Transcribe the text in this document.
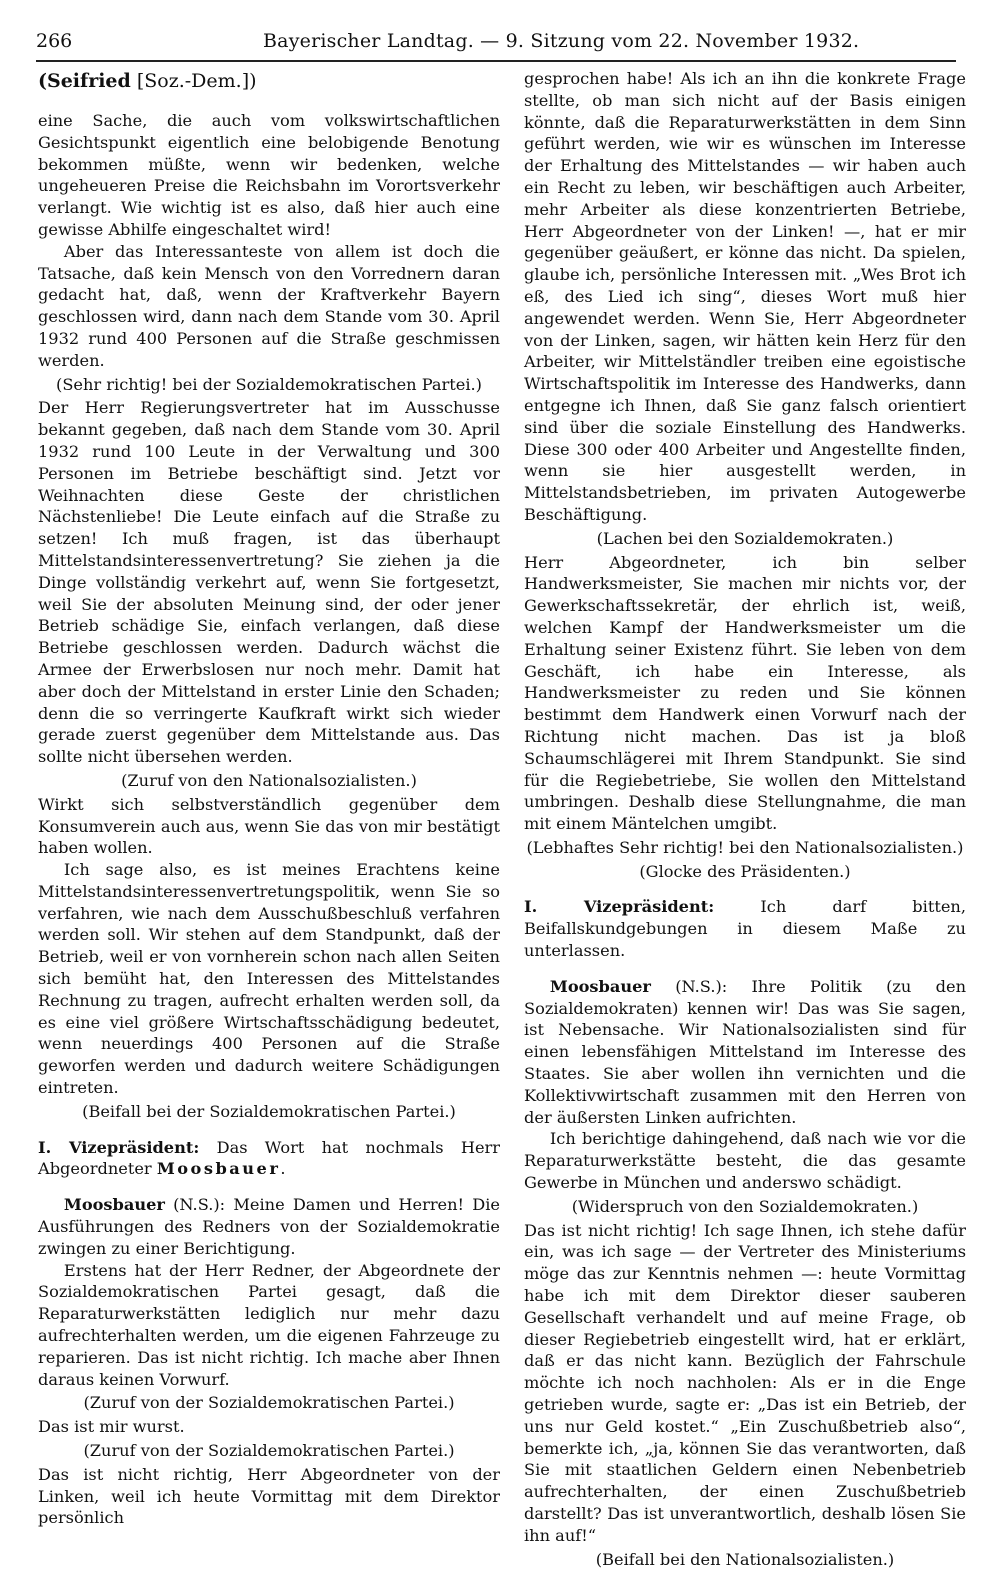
266	Bayerischer Landtag. — 9. Sitzung vom 22. November 1932.

(Seifried [Soz.-Dem.])

eine Sache, die auch vom volkswirtschaftlichen Gesichtspunkt eigentlich eine belobigende Benotung bekommen müßte, wenn wir bedenken, welche ungeheueren Preise die Reichsbahn im Vorortsverkehr verlangt. Wie wichtig ist es also, daß hier auch eine gewisse Abhilfe eingeschaltet wird!

Aber das Interessanteste von allem ist doch die Tatsache, daß kein Mensch von den Vorrednern daran gedacht hat, daß, wenn der Kraftverkehr Bayern geschlossen wird, dann nach dem Stande vom 30. April 1932 rund 400 Personen auf die Straße geschmissen werden.

(Sehr richtig! bei der Sozialdemokratischen Partei.)

Der Herr Regierungsvertreter hat im Ausschusse bekannt gegeben, daß nach dem Stande vom 30. April 1932 rund 100 Leute in der Verwaltung und 300 Personen im Betriebe beschäftigt sind. Jetzt vor Weihnachten diese Geste der christlichen Nächstenliebe! Die Leute einfach auf die Straße zu setzen! Ich muß fragen, ist das überhaupt Mittelstandsinteressenvertretung? Sie ziehen ja die Dinge vollständig verkehrt auf, wenn Sie fortgesetzt, weil Sie der absoluten Meinung sind, der oder jener Betrieb schädige Sie, einfach verlangen, daß diese Betriebe geschlossen werden. Dadurch wächst die Armee der Erwerbslosen nur noch mehr. Damit hat aber doch der Mittelstand in erster Linie den Schaden; denn die so verringerte Kaufkraft wirkt sich wieder gerade zuerst gegenüber dem Mittelstande aus. Das sollte nicht übersehen werden.

(Zuruf von den Nationalsozialisten.)

Wirkt sich selbstverständlich gegenüber dem Konsumverein auch aus, wenn Sie das von mir bestätigt haben wollen.

Ich sage also, es ist meines Erachtens keine Mittelstandsinteressenvertretungspolitik, wenn Sie so verfahren, wie nach dem Ausschußbeschluß verfahren werden soll. Wir stehen auf dem Standpunkt, daß der Betrieb, weil er von vornherein schon nach allen Seiten sich bemüht hat, den Interessen des Mittelstandes Rechnung zu tragen, aufrecht erhalten werden soll, da es eine viel größere Wirtschaftsschädigung bedeutet, wenn neuerdings 400 Personen auf die Straße geworfen werden und dadurch weitere Schädigungen eintreten.

(Beifall bei der Sozialdemokratischen Partei.)

I. Vizepräsident: Das Wort hat nochmals Herr Abgeordneter Moosbauer.

Moosbauer (N.S.): Meine Damen und Herren! Die Ausführungen des Redners von der Sozialdemokratie zwingen zu einer Berichtigung.

Erstens hat der Herr Redner, der Abgeordnete der Sozialdemokratischen Partei gesagt, daß die Reparaturwerkstätten lediglich nur mehr dazu aufrechterhalten werden, um die eigenen Fahrzeuge zu reparieren. Das ist nicht richtig. Ich mache aber Ihnen daraus keinen Vorwurf.

(Zuruf von der Sozialdemokratischen Partei.)

Das ist mir wurst.

(Zuruf von der Sozialdemokratischen Partei.)

Das ist nicht richtig, Herr Abgeordneter von der Linken, weil ich heute Vormittag mit dem Direktor persönlich

gesprochen habe! Als ich an ihn die konkrete Frage stellte, ob man sich nicht auf der Basis einigen könnte, daß die Reparaturwerkstätten in dem Sinn geführt werden, wie wir es wünschen im Interesse der Erhaltung des Mittelstandes — wir haben auch ein Recht zu leben, wir beschäftigen auch Arbeiter, mehr Arbeiter als diese konzentrierten Betriebe, Herr Abgeordneter von der Linken! —, hat er mir gegenüber geäußert, er könne das nicht. Da spielen, glaube ich, persönliche Interessen mit. „Wes Brot ich eß, des Lied ich sing“, dieses Wort muß hier angewendet werden. Wenn Sie, Herr Abgeordneter von der Linken, sagen, wir hätten kein Herz für den Arbeiter, wir Mittelständler treiben eine egoistische Wirtschaftspolitik im Interesse des Handwerks, dann entgegne ich Ihnen, daß Sie ganz falsch orientiert sind über die soziale Einstellung des Handwerks. Diese 300 oder 400 Arbeiter und Angestellte finden, wenn sie hier ausgestellt werden, in Mittelstandsbetrieben, im privaten Autogewerbe Beschäftigung.

(Lachen bei den Sozialdemokraten.)

Herr Abgeordneter, ich bin selber Handwerksmeister, Sie machen mir nichts vor, der Gewerkschaftssekretär, der ehrlich ist, weiß, welchen Kampf der Handwerksmeister um die Erhaltung seiner Existenz führt. Sie leben von dem Geschäft, ich habe ein Interesse, als Handwerksmeister zu reden und Sie können bestimmt dem Handwerk einen Vorwurf nach der Richtung nicht machen. Das ist ja bloß Schaumschlägerei mit Ihrem Standpunkt. Sie sind für die Regiebetriebe, Sie wollen den Mittelstand umbringen. Deshalb diese Stellungnahme, die man mit einem Mäntelchen umgibt.

(Lebhaftes Sehr richtig! bei den Nationalsozialisten.)

(Glocke des Präsidenten.)

I. Vizepräsident: Ich darf bitten, Beifallskundgebungen in diesem Maße zu unterlassen.

Moosbauer (N.S.): Ihre Politik (zu den Sozialdemokraten) kennen wir! Das was Sie sagen, ist Nebensache. Wir Nationalsozialisten sind für einen lebensfähigen Mittelstand im Interesse des Staates. Sie aber wollen ihn vernichten und die Kollektivwirtschaft zusammen mit den Herren von der äußersten Linken aufrichten.

Ich berichtige dahingehend, daß nach wie vor die Reparaturwerkstätte besteht, die das gesamte Gewerbe in München und anderswo schädigt.

(Widerspruch von den Sozialdemokraten.)

Das ist nicht richtig! Ich sage Ihnen, ich stehe dafür ein, was ich sage — der Vertreter des Ministeriums möge das zur Kenntnis nehmen —: heute Vormittag habe ich mit dem Direktor dieser sauberen Gesellschaft verhandelt und auf meine Frage, ob dieser Regiebetrieb eingestellt wird, hat er erklärt, daß er das nicht kann. Bezüglich der Fahrschule möchte ich noch nachholen: Als er in die Enge getrieben wurde, sagte er: „Das ist ein Betrieb, der uns nur Geld kostet.“ „Ein Zuschußbetrieb also“, bemerkte ich, „ja, können Sie das verantworten, daß Sie mit staatlichen Geldern einen Nebenbetrieb aufrechterhalten, der einen Zuschußbetrieb darstellt? Das ist unverantwortlich, deshalb lösen Sie ihn auf!“

(Beifall bei den Nationalsozialisten.)
